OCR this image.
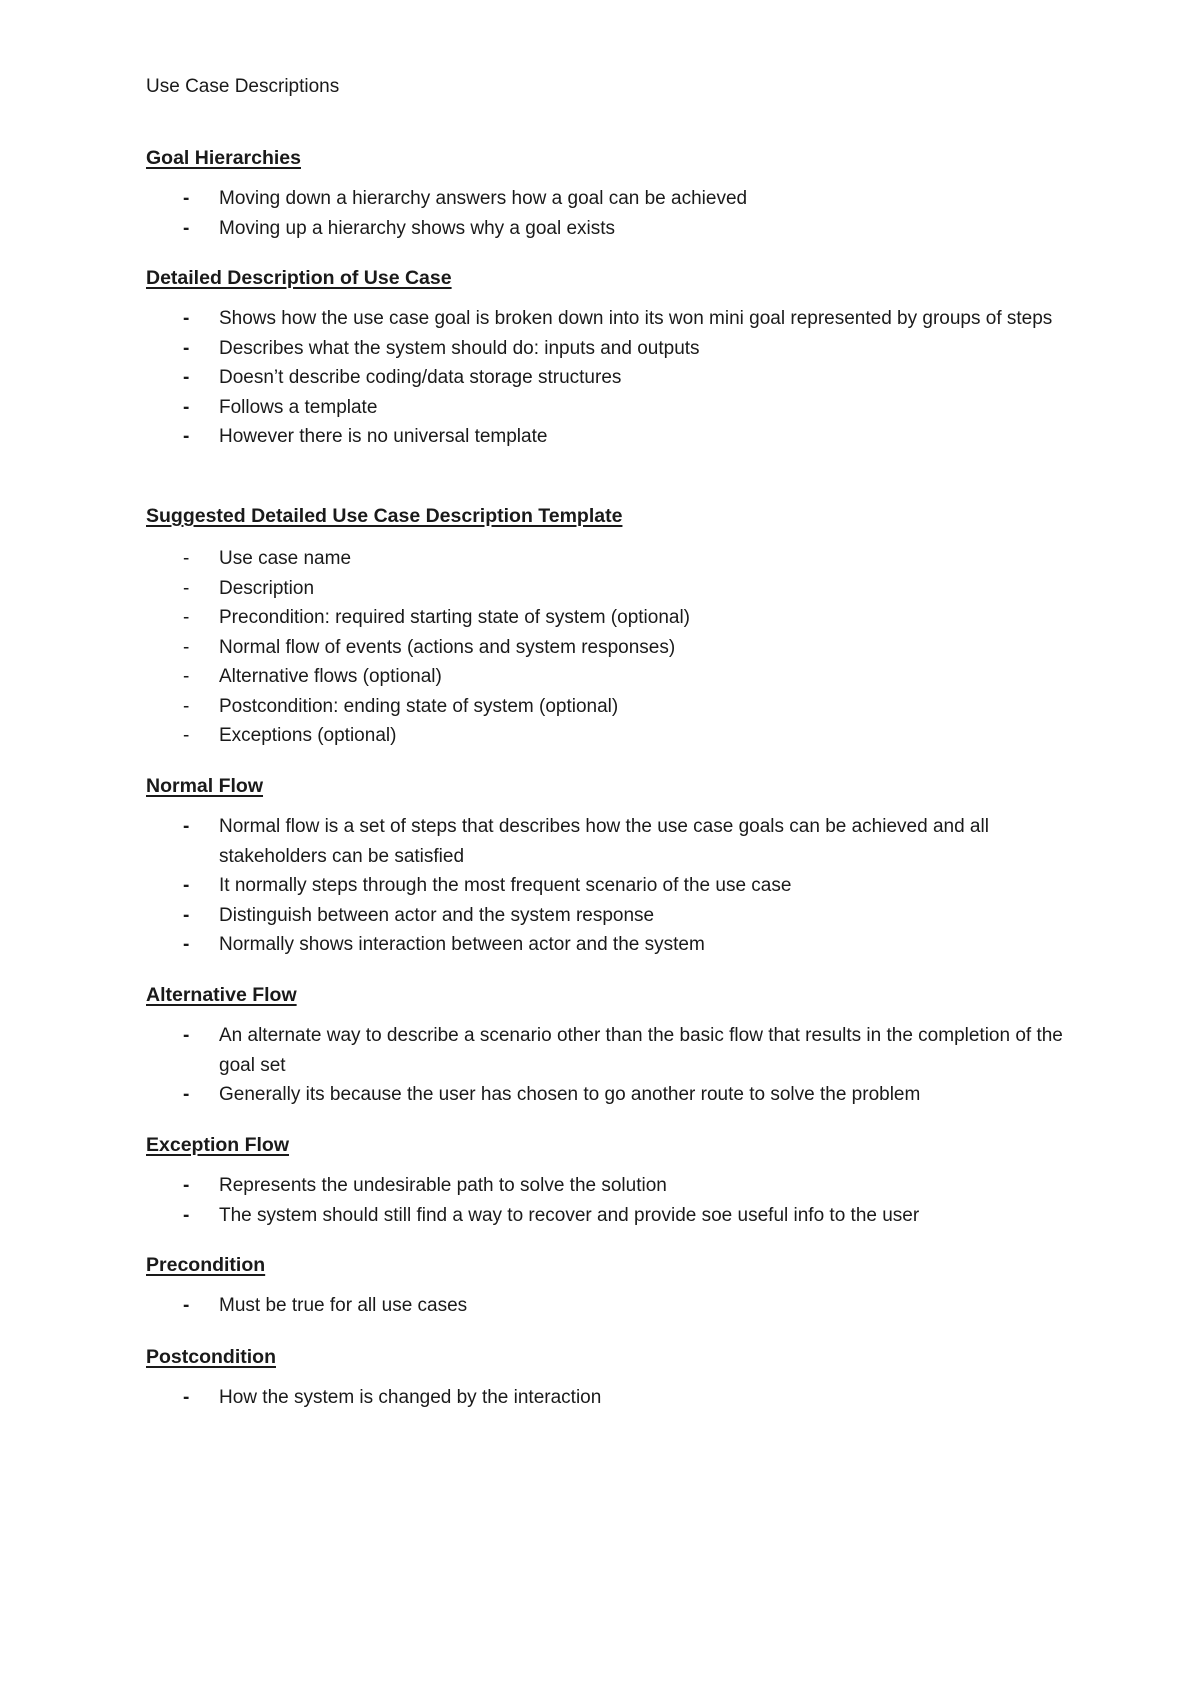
Use Case Descriptions
Goal Hierarchies
-	Moving down a hierarchy answers how a goal can be achieved
-	Moving up a hierarchy shows why a goal exists
Detailed Description of Use Case
-	Shows how the use case goal is broken down into its won mini goal represented by groups of steps
-	Describes what the system should do: inputs and outputs
-	Doesn’t describe coding/data storage structures
-	Follows a template
-	However there is no universal template
Suggested Detailed Use Case Description Template
-	Use case name
-	Description
-	Precondition: required starting state of system (optional)
-	Normal flow of events (actions and system responses)
-	Alternative flows (optional)
-	Postcondition: ending state of system (optional)
-	Exceptions (optional)
Normal Flow
-	Normal flow is a set of steps that describes how the use case goals can be achieved and all stakeholders can be satisfied
-	It normally steps through the most frequent scenario of the use case
-	Distinguish between actor and the system response
-	Normally shows interaction between actor and the system
Alternative Flow
-	An alternate way to describe a scenario other than the basic flow that results in the completion of the goal set
-	Generally its because the user has chosen to go another route to solve the problem
Exception Flow
-	Represents the undesirable path to solve the solution
-	The system should still find a way to recover and provide soe useful info to the user
Precondition
-	Must be true for all use cases
Postcondition
-	How the system is changed by the interaction
